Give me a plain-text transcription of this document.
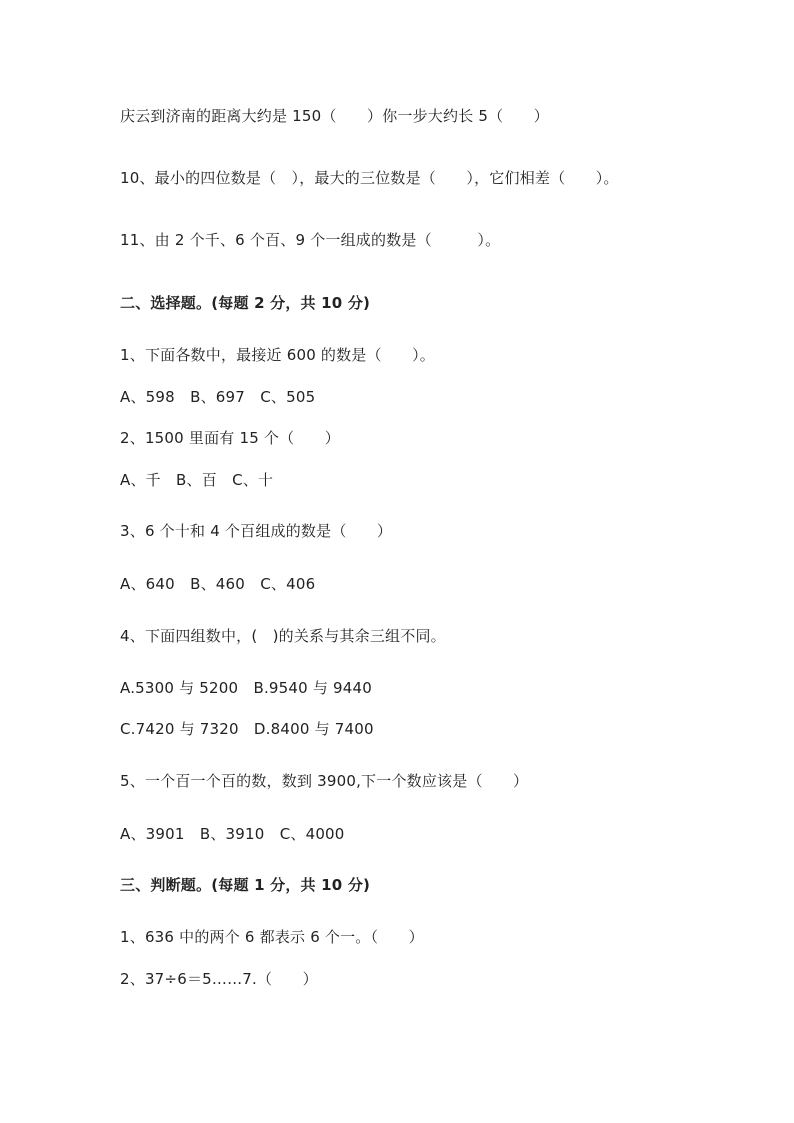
庆云到济南的距离大约是 150（　　）你一步大约长 5（　　）
10、最小的四位数是（　），最大的三位数是（　　），它们相差（　　）。
11、由 2 个千、6 个百、9 个一组成的数是（　　　）。
二、选择题。(每题 2 分，共 10 分)
1、下面各数中，最接近 600 的数是（　　）。
A、598　B、697　C、505
2、1500 里面有 15 个（　　）
A、千　B、百　C、十
3、6 个十和 4 个百组成的数是（　　）
A、640　B、460　C、406
4、下面四组数中，(　)的关系与其余三组不同。
A.5300 与 5200　B.9540 与 9440
C.7420 与 7320　D.8400 与 7400
5、一个百一个百的数，数到 3900,下一个数应该是（　　）
A、3901　B、3910　C、4000
三、判断题。(每题 1 分，共 10 分)
1、636 中的两个 6 都表示 6 个一。（　　）
2、37÷6＝5……7.（　　）
